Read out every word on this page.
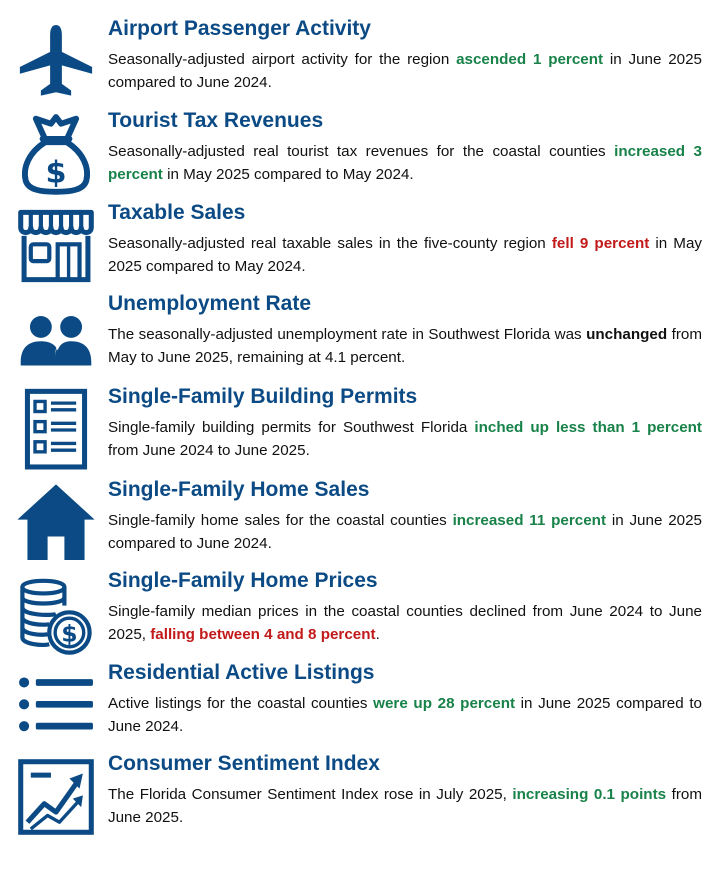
Airport Passenger Activity

Seasonally-adjusted airport activity for the region ascended 1 percent in June 2025 compared to June 2024.

$
Tourist Tax Revenues

Seasonally-adjusted real tourist tax revenues for the coastal counties increased 3 percent in May 2025 compared to May 2024.

Taxable Sales

Seasonally-adjusted real taxable sales in the five-county region fell 9 percent in May 2025 compared to May 2024.

Unemployment Rate

The seasonally-adjusted unemployment rate in Southwest Florida was unchanged from May to June 2025, remaining at 4.1 percent.

Single-Family Building Permits

Single-family building permits for Southwest Florida inched up less than 1 percent from June 2024 to June 2025.

Single-Family Home Sales

Single-family home sales for the coastal counties increased 11 percent in June 2025 compared to June 2024.

$
Single-Family Home Prices

Single-family median prices in the coastal counties declined from June 2024 to June 2025, falling between 4 and 8 percent.

Residential Active Listings

Active listings for the coastal counties were up 28 percent in June 2025 compared to June 2024.

Consumer Sentiment Index

The Florida Consumer Sentiment Index rose in July 2025, increasing 0.1 points from June 2025.
